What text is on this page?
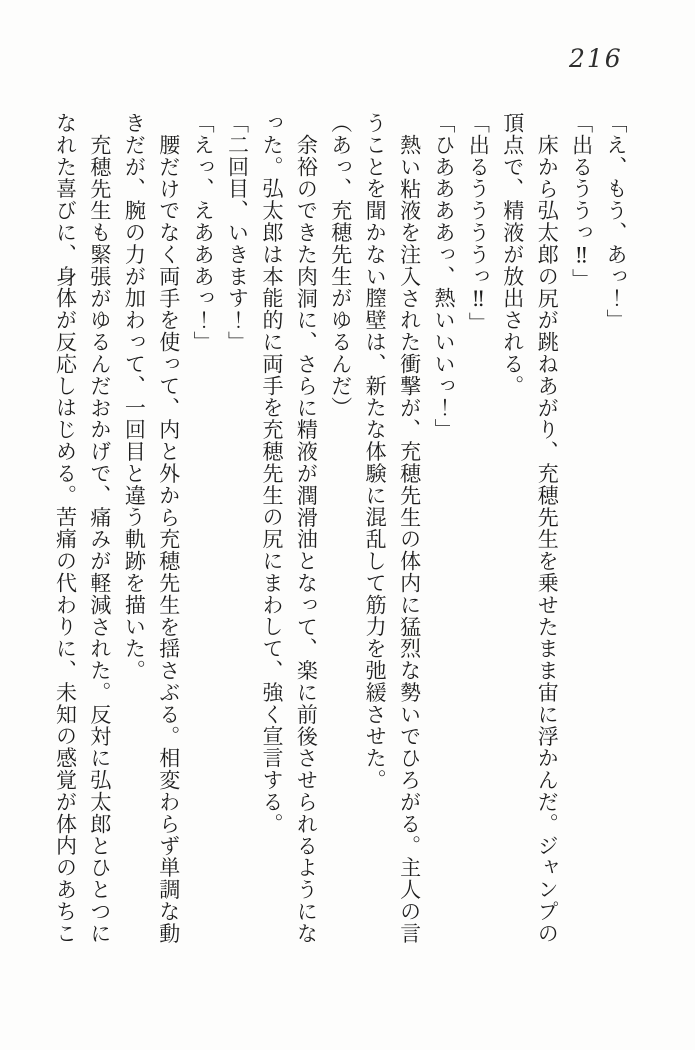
216

「え、もう、あっ！」

「出るううっ‼」

床から弘太郎の尻が跳ねあがり、充穂先生を乗せたまま宙に浮かんだ。ジャンプの頂点で、精液が放出される。

「出るううううっ‼」

「ひああああっ、熱いいいっ！」

熱い粘液を注入された衝撃が、充穂先生の体内に猛烈な勢いでひろがる。主人の言うことを聞かない膣壁は、新たな体験に混乱して筋力を弛緩させた。

（あっ、充穂先生がゆるんだ）

余裕のできた肉洞に、さらに精液が潤滑油となって、楽に前後させられるようになった。弘太郎は本能的に両手を充穂先生の尻にまわして、強く宣言する。

「二回目、いきます！」

「えっ、えあああっ！」

腰だけでなく両手を使って、内と外から充穂先生を揺さぶる。相変わらず単調な動きだが、腕の力が加わって、一回目と違う軌跡を描いた。

充穂先生も緊張がゆるんだおかげで、痛みが軽減された。反対に弘太郎とひとつになれた喜びに、身体が反応しはじめる。苦痛の代わりに、未知の感覚が体内のあちこ
